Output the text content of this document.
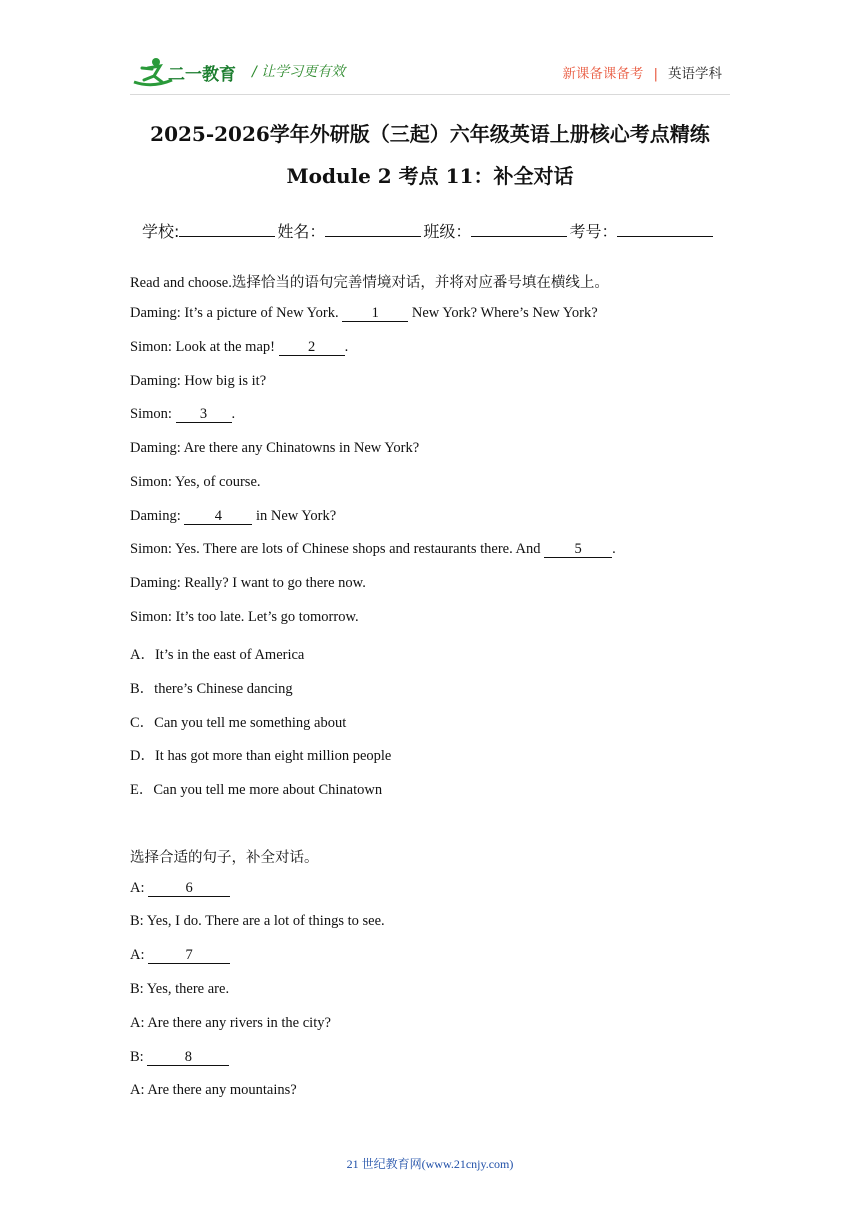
二一教育 / 让学习更有效	新课备课备考 | 英语学科
2025-2026学年外研版（三起）六年级英语上册核心考点精练
Module 2 考点 11：补全对话
学校:	姓名：	班级：	考号：
Read and choose.选择恰当的语句完善情境对话，并将对应番号填在横线上。
Daming: It’s a picture of New York. 1 New York? Where’s New York?
Simon: Look at the map! 2 .
Daming: How big is it?
Simon: 3 .
Daming: Are there any Chinatowns in New York?
Simon: Yes, of course.
Daming: 4 in New York?
Simon: Yes. There are lots of Chinese shops and restaurants there. And 5 .
Daming: Really? I want to go there now.
Simon: It’s too late. Let’s go tomorrow.
A．It’s in the east of America
B．there’s Chinese dancing
C．Can you tell me something about
D．It has got more than eight million people
E．Can you tell me more about Chinatown
选择合适的句子，补全对话。
A:	6
B: Yes, I do. There are a lot of things to see.
A:	7
B: Yes, there are.
A: Are there any rivers in the city?
B:	8
A: Are there any mountains?
21 世纪教育网(www.21cnjy.com)
